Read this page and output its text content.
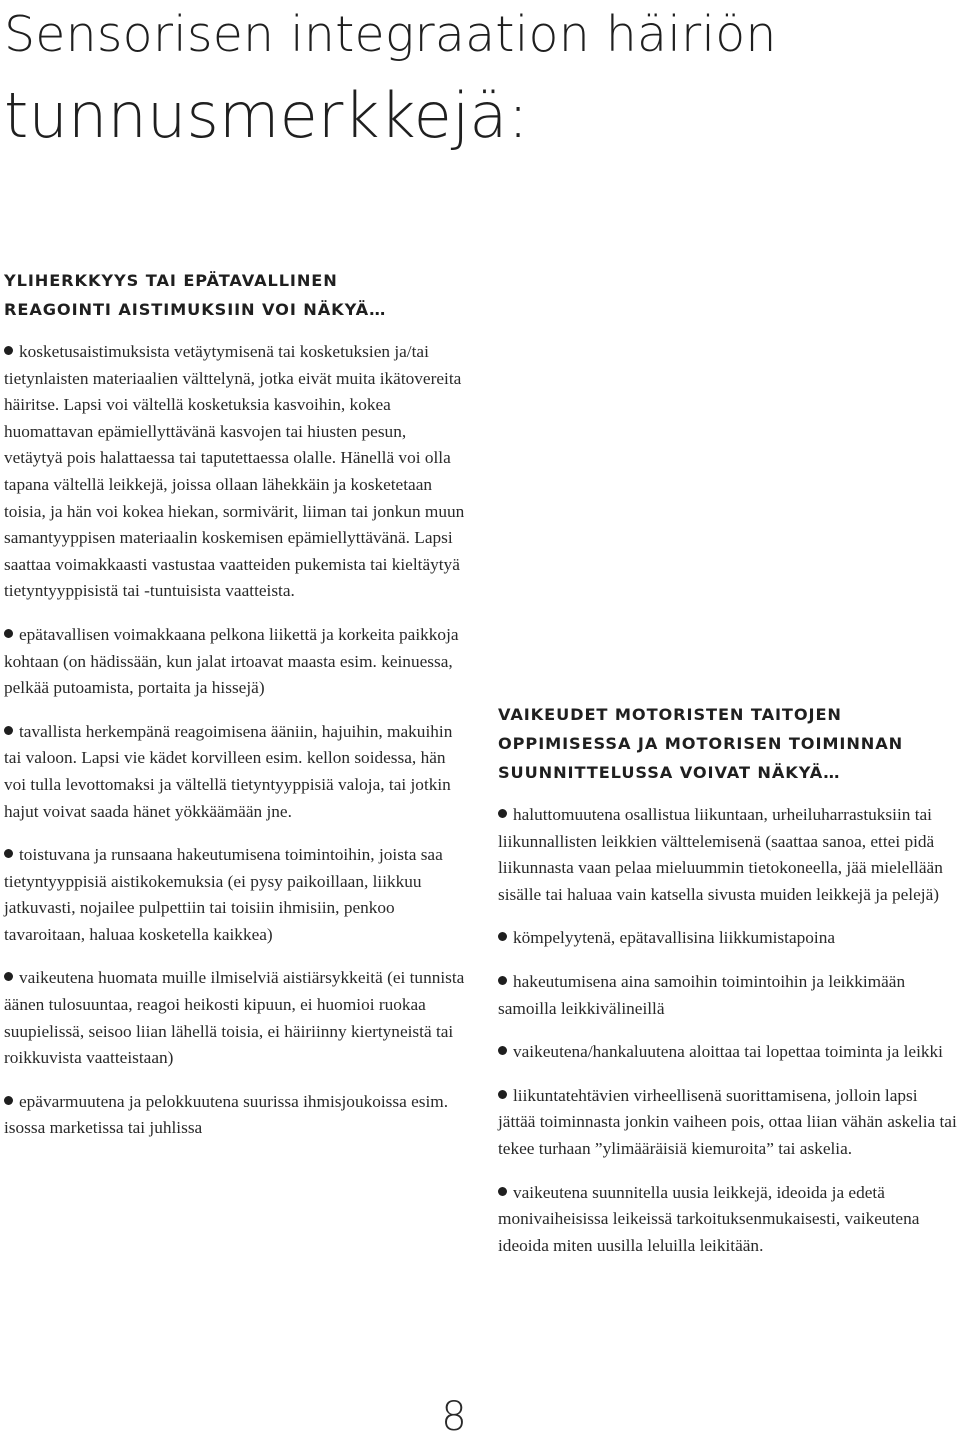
Sensorisen integraation häiriön
tunnusmerkkejä:
YLIHERKKYYS TAI EPÄTAVALLINEN
REAGOINTI AISTIMUKSIIN VOI NÄKYÄ…
kosketusaistimuksista vetäytymisenä tai kosketuksien ja/tai tietynlaisten materiaalien välttelynä, jotka eivät muita ikätovereita häiritse. Lapsi voi vältellä kosketuksia kasvoihin, kokea huomattavan epämiellyttävänä kasvojen tai hiusten pesun, vetäytyä pois halattaessa tai taputettaessa olalle. Hänellä voi olla tapana vältellä leikkejä, joissa ollaan lähekkäin ja kosketetaan toisia, ja hän voi kokea hiekan, sormivärit, liiman tai jonkun muun samantyyppisen materiaalin koskemisen epämiellyttävänä. Lapsi saattaa voimakkaasti vastustaa vaatteiden pukemista tai kieltäytyä tietyntyyppisistä tai -tuntuisista vaatteista.
epätavallisen voimakkaana pelkona liikettä ja korkeita paikkoja kohtaan (on hädissään, kun jalat irtoavat maasta esim. keinuessa, pelkää putoamista, portaita ja hissejä)
tavallista herkempänä reagoimisena ääniin, hajuihin, makuihin tai valoon. Lapsi vie kädet korvilleen esim. kellon soidessa, hän voi tulla levottomaksi ja vältellä tietyntyyppisiä valoja, tai jotkin hajut voivat saada hänet yökkäämään jne.
toistuvana ja runsaana hakeutumisena toimintoihin, joista saa tietyntyyppisiä aistikokemuksia (ei pysy paikoillaan, liikkuu jatkuvasti, nojailee pulpettiin tai toisiin ihmisiin, penkoo tavaroitaan, haluaa kosketella kaikkea)
vaikeutena huomata muille ilmiselviä aistiärsykkeitä (ei tunnista äänen tulosuuntaa, reagoi heikosti kipuun, ei huomioi ruokaa suupielissä, seisoo liian lähellä toisia, ei häiriinny kiertyneistä tai roikkuvista vaatteistaan)
epävarmuutena ja pelokkuutena suurissa ihmisjoukoissa esim. isossa marketissa tai juhlissa
VAIKEUDET MOTORISTEN TAITOJEN
OPPIMISESSA JA MOTORISEN TOIMINNAN
SUUNNITTELUSSA VOIVAT NÄKYÄ…
haluttomuutena osallistua liikuntaan, urheiluharrastuksiin tai liikunnallisten leikkien välttelemisenä (saattaa sanoa, ettei pidä liikunnasta vaan pelaa mieluummin tietokoneella, jää mielellään sisälle tai haluaa vain katsella sivusta muiden leikkejä ja pelejä)
kömpelyytenä, epätavallisina liikkumistapoina
hakeutumisena aina samoihin toimintoihin ja leikkimään samoilla leikkivälineillä
vaikeutena/hankaluutena aloittaa tai lopettaa toiminta ja leikki
liikuntatehtävien virheellisenä suorittamisena, jolloin lapsi jättää toiminnasta jonkin vaiheen pois, ottaa liian vähän askelia tai tekee turhaan ”ylimääräisiä kiemuroita” tai askelia.
vaikeutena suunnitella uusia leikkejä, ideoida ja edetä monivaiheisissa leikeissä tarkoituksenmukaisesti, vaikeutena ideoida miten uusilla leluilla leikitään.
8
